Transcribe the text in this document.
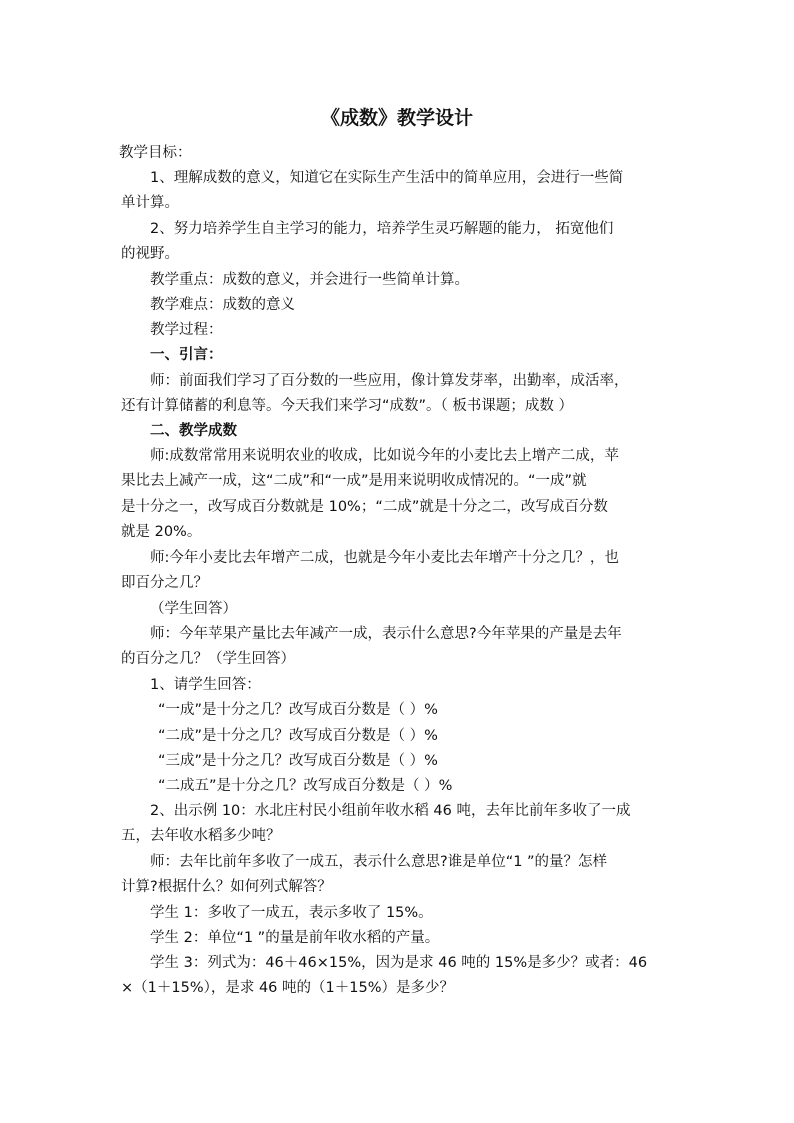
《成数》教学设计
教学目标：
1、理解成数的意义，知道它在实际生产生活中的简单应用，会进行一些简
单计算。
2、努力培养学生自主学习的能力，培养学生灵巧解题的能力， 拓宽他们
的视野。
教学重点：成数的意义，并会进行一些简单计算。
教学难点：成数的意义
教学过程：
一、引言：
师：前面我们学习了百分数的一些应用，像计算发芽率，出勤率，成活率，
还有计算储蓄的利息等。今天我们来学习“成数”。（ 板书课题；成数 ）
二、教学成数
师:成数常常用来说明农业的收成，比如说今年的小麦比去上增产二成，苹
果比去上减产一成，这“二成”和“一成”是用来说明收成情况的。“一成”就
是十分之一，改写成百分数就是 10%；“二成”就是十分之二，改写成百分数
就是 20%。
师:今年小麦比去年增产二成，也就是今年小麦比去年增产十分之几？，也
即百分之几？
（学生回答）
师：今年苹果产量比去年减产一成，表示什么意思?今年苹果的产量是去年
的百分之几？（学生回答）
1、请学生回答：
“一成”是十分之几？改写成百分数是（ ）%
“二成”是十分之几？改写成百分数是（ ）%
“三成”是十分之几？改写成百分数是（ ）%
“二成五”是十分之几？改写成百分数是（ ）%
2、出示例 10：水北庄村民小组前年收水稻 46 吨，去年比前年多收了一成
五，去年收水稻多少吨？
师：去年比前年多收了一成五，表示什么意思?谁是单位“1 ”的量？怎样
计算?根据什么？如何列式解答？
学生 1：多收了一成五，表示多收了 15%。
学生 2：单位“1 ”的量是前年收水稻的产量。
学生 3：列式为：46＋46×15%，因为是求 46 吨的 15%是多少？或者：46
×（1＋15%），是求 46 吨的（1＋15%）是多少？
